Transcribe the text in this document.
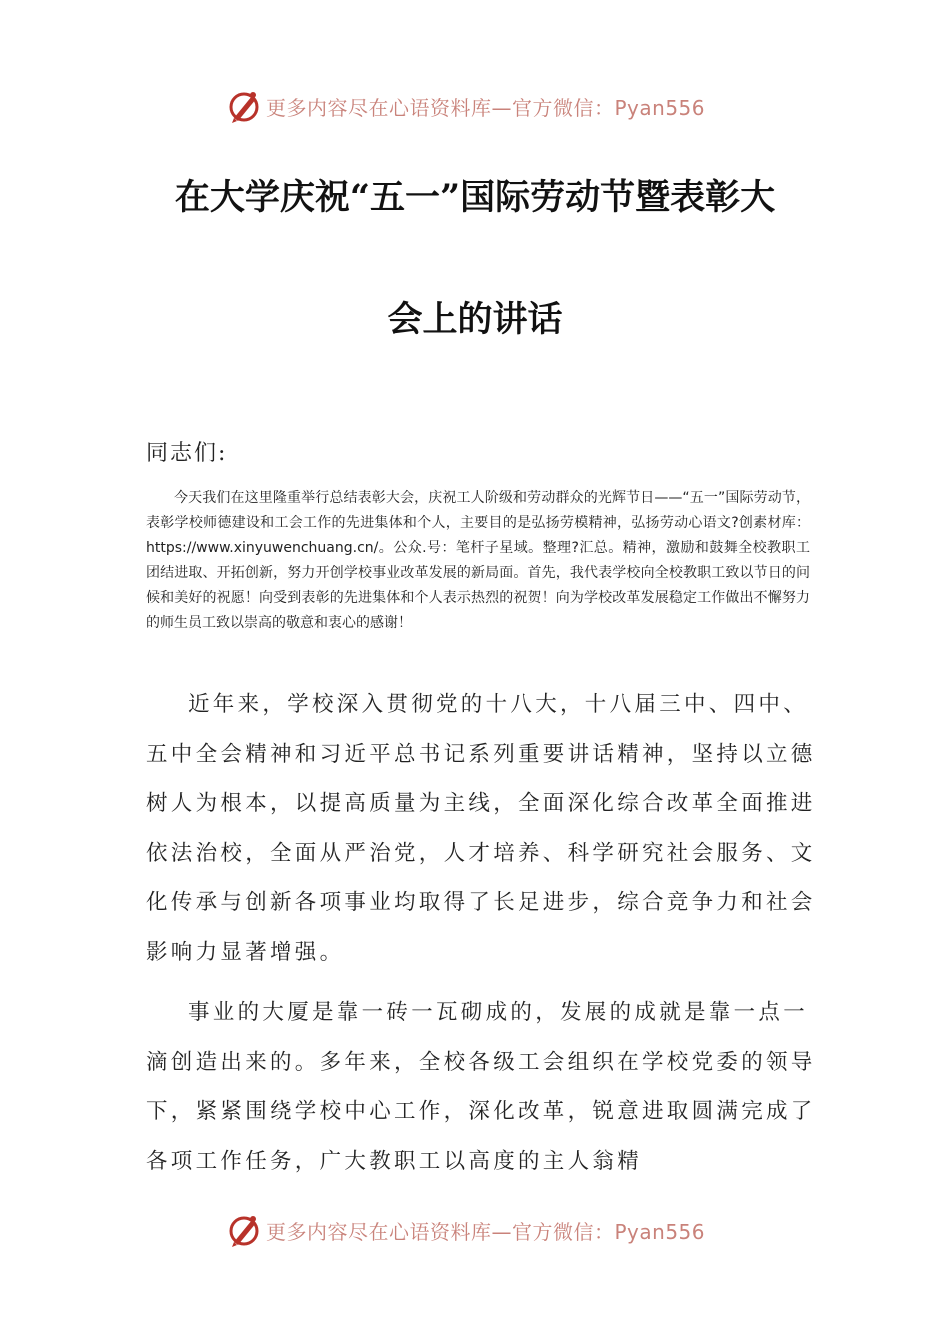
更多内容尽在心语资料库—官方微信：Pyan556
在大学庆祝“五一”国际劳动节暨表彰大
会上的讲话
同志们:
今天我们在这里隆重举行总结表彰大会，庆祝工人阶级和劳动群众的光辉节日——“五一”国际劳动节，表彰学校师德建设和工会工作的先进集体和个人，主要目的是弘扬劳模精神，弘扬劳动心语文?创素材库：https://www.xinyuwenchuang.cn/。公众.号：笔杆子星域。整理?汇总。精神，激励和鼓舞全校教职工团结进取、开拓创新，努力开创学校事业改革发展的新局面。首先，我代表学校向全校教职工致以节日的问候和美好的祝愿！向受到表彰的先进集体和个人表示热烈的祝贺！向为学校改革发展稳定工作做出不懈努力的师生员工致以崇高的敬意和衷心的感谢！
近年来，学校深入贯彻党的十八大，十八届三中、四中、五中全会精神和习近平总书记系列重要讲话精神，坚持以立德树人为根本，以提高质量为主线，全面深化综合改革全面推进依法治校，全面从严治党，人才培养、科学研究社会服务、文化传承与创新各项事业均取得了长足进步，综合竞争力和社会影响力显著增强。
事业的大厦是靠一砖一瓦砌成的，发展的成就是靠一点一滴创造出来的。多年来，全校各级工会组织在学校党委的领导下，紧紧围绕学校中心工作，深化改革，锐意进取圆满完成了各项工作任务，广大教职工以高度的主人翁精
更多内容尽在心语资料库—官方微信：Pyan556
